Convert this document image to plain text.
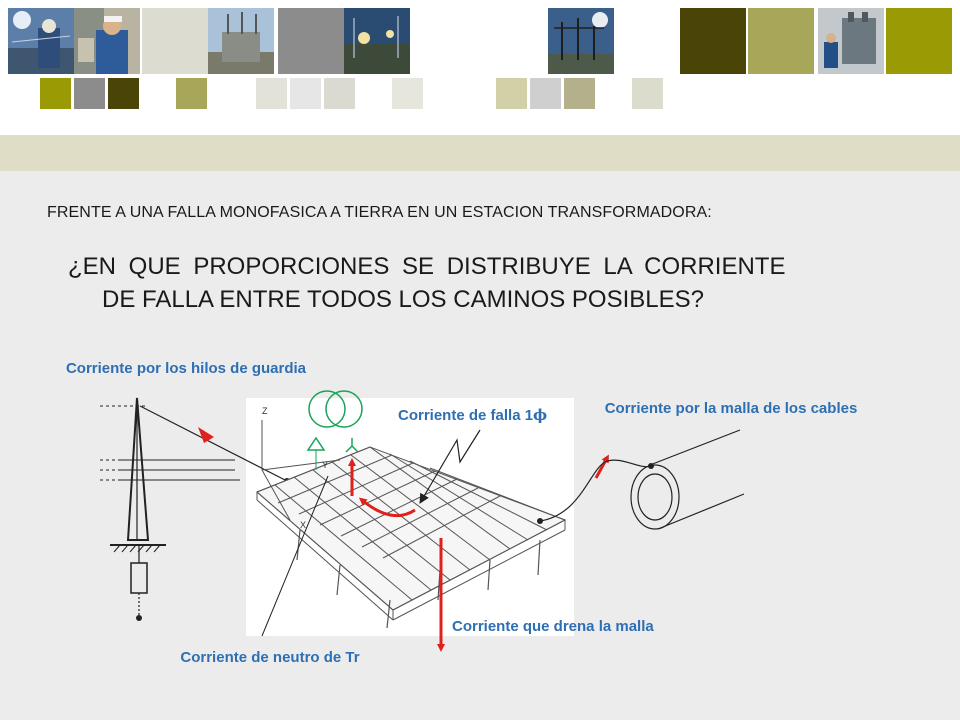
FRENTE A UNA FALLA MONOFASICA A TIERRA EN UN ESTACION TRANSFORMADORA:
¿EN QUE PROPORCIONES SE DISTRIBUYE LA CORRIENTE
DE FALLA ENTRE TODOS LOS CAMINOS POSIBLES?
Z
Y
X
Corriente por los hilos de guardia
Corriente por la malla de los cables
Corriente de falla 1ϕ
Corriente que drena la malla
Corriente de neutro de Tr
